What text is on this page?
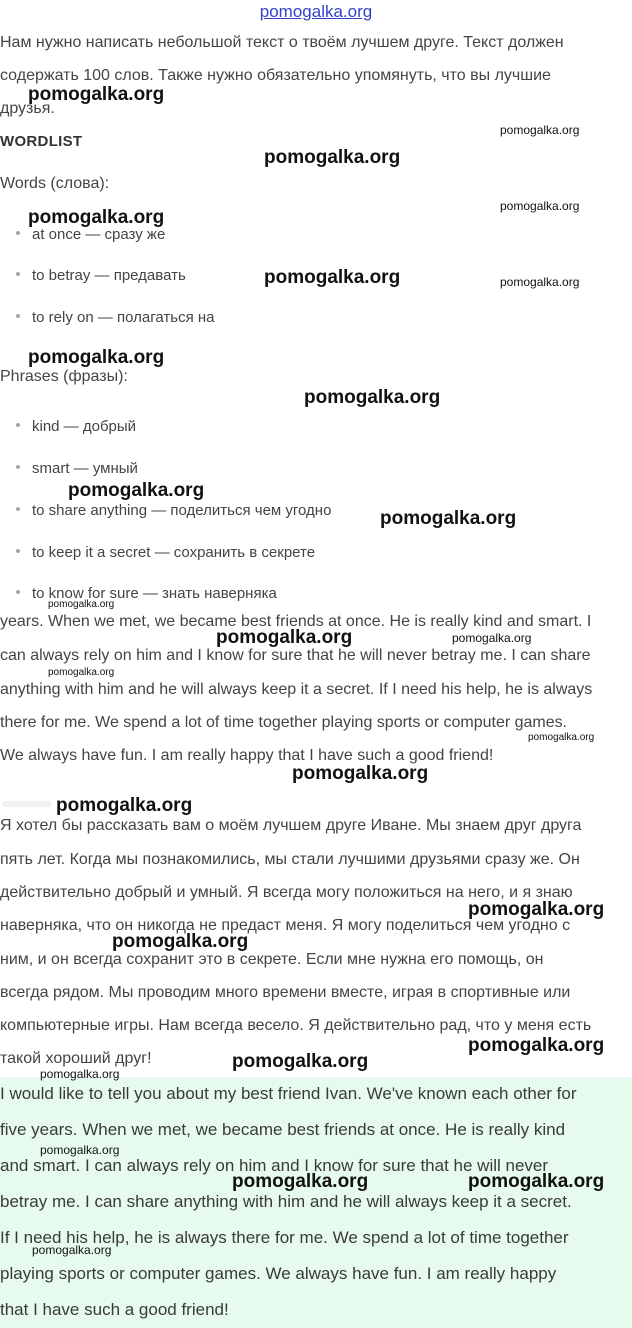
pomogalka.org
Нам нужно написать небольшой текст о твоём лучшем друге. Текст должен
содержать 100 слов. Также нужно обязательно упомянуть, что вы лучшие
друзья.
WORDLIST
Words (слова):
at once — сразу же
to betray — предавать
to rely on — полагаться на
Phrases (фразы):
kind — добрый
smart — умный
to share anything — поделиться чем угодно
to keep it a secret — сохранить в секрете
to know for sure — знать наверняка
years. When we met, we became best friends at once. He is really kind and smart. I
can always rely on him and I know for sure that he will never betray me. I can share
anything with him and he will always keep it a secret. If I need his help, he is always
there for me. We spend a lot of time together playing sports or computer games.
We always have fun. I am really happy that I have such a good friend!
Я хотел бы рассказать вам о моём лучшем друге Иване. Мы знаем друг друга
пять лет. Когда мы познакомились, мы стали лучшими друзьями сразу же. Он
действительно добрый и умный. Я всегда могу положиться на него, и я знаю
наверняка, что он никогда не предаст меня. Я могу поделиться чем угодно с
ним, и он всегда сохранит это в секрете. Если мне нужна его помощь, он
всегда рядом. Мы проводим много времени вместе, играя в спортивные или
компьютерные игры. Нам всегда весело. Я действительно рад, что у меня есть
такой хороший друг!
I would like to tell you about my best friend Ivan. We've known each other for
five years. When we met, we became best friends at once. He is really kind
and smart. I can always rely on him and I know for sure that he will never
betray me. I can share anything with him and he will always keep it a secret.
If I need his help, he is always there for me. We spend a lot of time together
playing sports or computer games. We always have fun. I am really happy
that I have such a good friend!
pomogalka.org
pomogalka.org
pomogalka.org
pomogalka.org
pomogalka.org
pomogalka.org	pomogalka.org
pomogalka.org
pomogalka.org
pomogalka.org
pomogalka.org
pomogalka.org
pomogalka.org	pomogalka.org
pomogalka.org
pomogalka.org
pomogalka.org
pomogalka.org
pomogalka.org
pomogalka.org
pomogalka.org
pomogalka.org
pomogalka.org
pomogalka.org
pomogalka.org	pomogalka.org
pomogalka.org
